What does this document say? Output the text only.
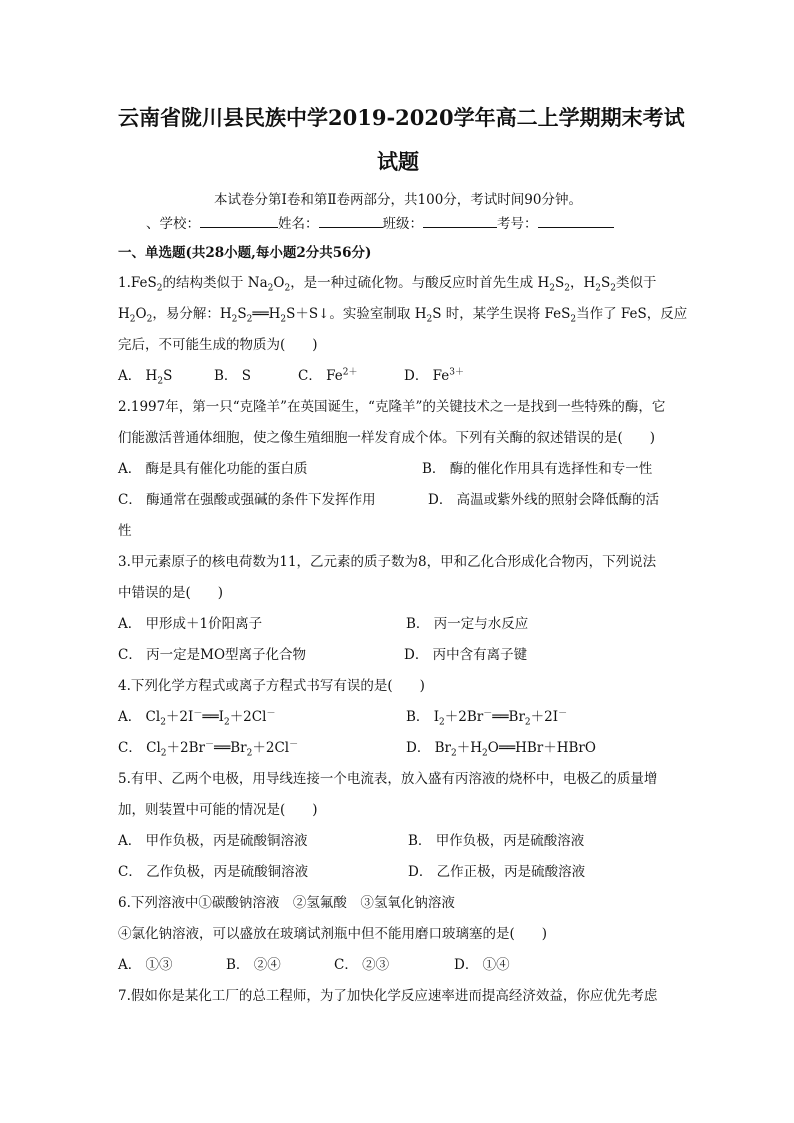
云南省陇川县民族中学2019-2020学年高二上学期期末考试
试题
本试卷分第Ⅰ卷和第Ⅱ卷两部分，共100分，考试时间90分钟。
、学校：	姓名：	班级：	考号：
一、单选题(共28小题,每小题2分共56分)
1.FeS$_2$的结构类似于 $Na_2O_2$，是一种过硫化物。与酸反应时首先生成 $H_2S_2$，$H_2S_2$类似于
$H_2O_2$，易分解：$H_2S_2══H_2S+S↓$。实验室制取 $H_2S$ 时，某学生误将 FeS$_2$当作了 FeS，反应
完后，不可能生成的物质为(　　)
A． $H_2S$	B． S	C． $Fe^{2+}$	D． $Fe^{3+}$
2.1997年，第一只“克隆羊”在英国诞生，“克隆羊”的关键技术之一是找到一些特殊的酶，它
们能激活普通体细胞，使之像生殖细胞一样发育成个体。下列有关酶的叙述错误的是(　　)
A． 酶是具有催化功能的蛋白质	B． 酶的催化作用具有选择性和专一性
C． 酶通常在强酸或强碱的条件下发挥作用	D． 高温或紫外线的照射会降低酶的活
性
3.甲元素原子的核电荷数为11，乙元素的质子数为8，甲和乙化合形成化合物丙，下列说法
中错误的是(　　)
A． 甲形成＋1价阳离子	B． 丙一定与水反应
C． 丙一定是MO型离子化合物	D． 丙中含有离子键
4.下列化学方程式或离子方程式书写有误的是(　　)
A． $Cl_2+2I^-══I_2+2Cl^-$	B． $I_2+2Br^-══Br_2+2I^-$
C． $Cl_2+2Br^-══Br_2+2Cl^-$	D． $Br_2+H_2O══HBr+HBrO$
5.有甲、乙两个电极，用导线连接一个电流表，放入盛有丙溶液的烧杯中，电极乙的质量增
加，则装置中可能的情况是(　　)
A． 甲作负极，丙是硫酸铜溶液	B． 甲作负极，丙是硫酸溶液
C． 乙作负极，丙是硫酸铜溶液	D． 乙作正极，丙是硫酸溶液
6.下列溶液中①碳酸钠溶液　②氢氟酸　③氢氧化钠溶液
④氯化钠溶液，可以盛放在玻璃试剂瓶中但不能用磨口玻璃塞的是(　　)
A． ①③	B． ②④	C． ②③	D． ①④
7.假如你是某化工厂的总工程师，为了加快化学反应速率进而提高经济效益，你应优先考虑
